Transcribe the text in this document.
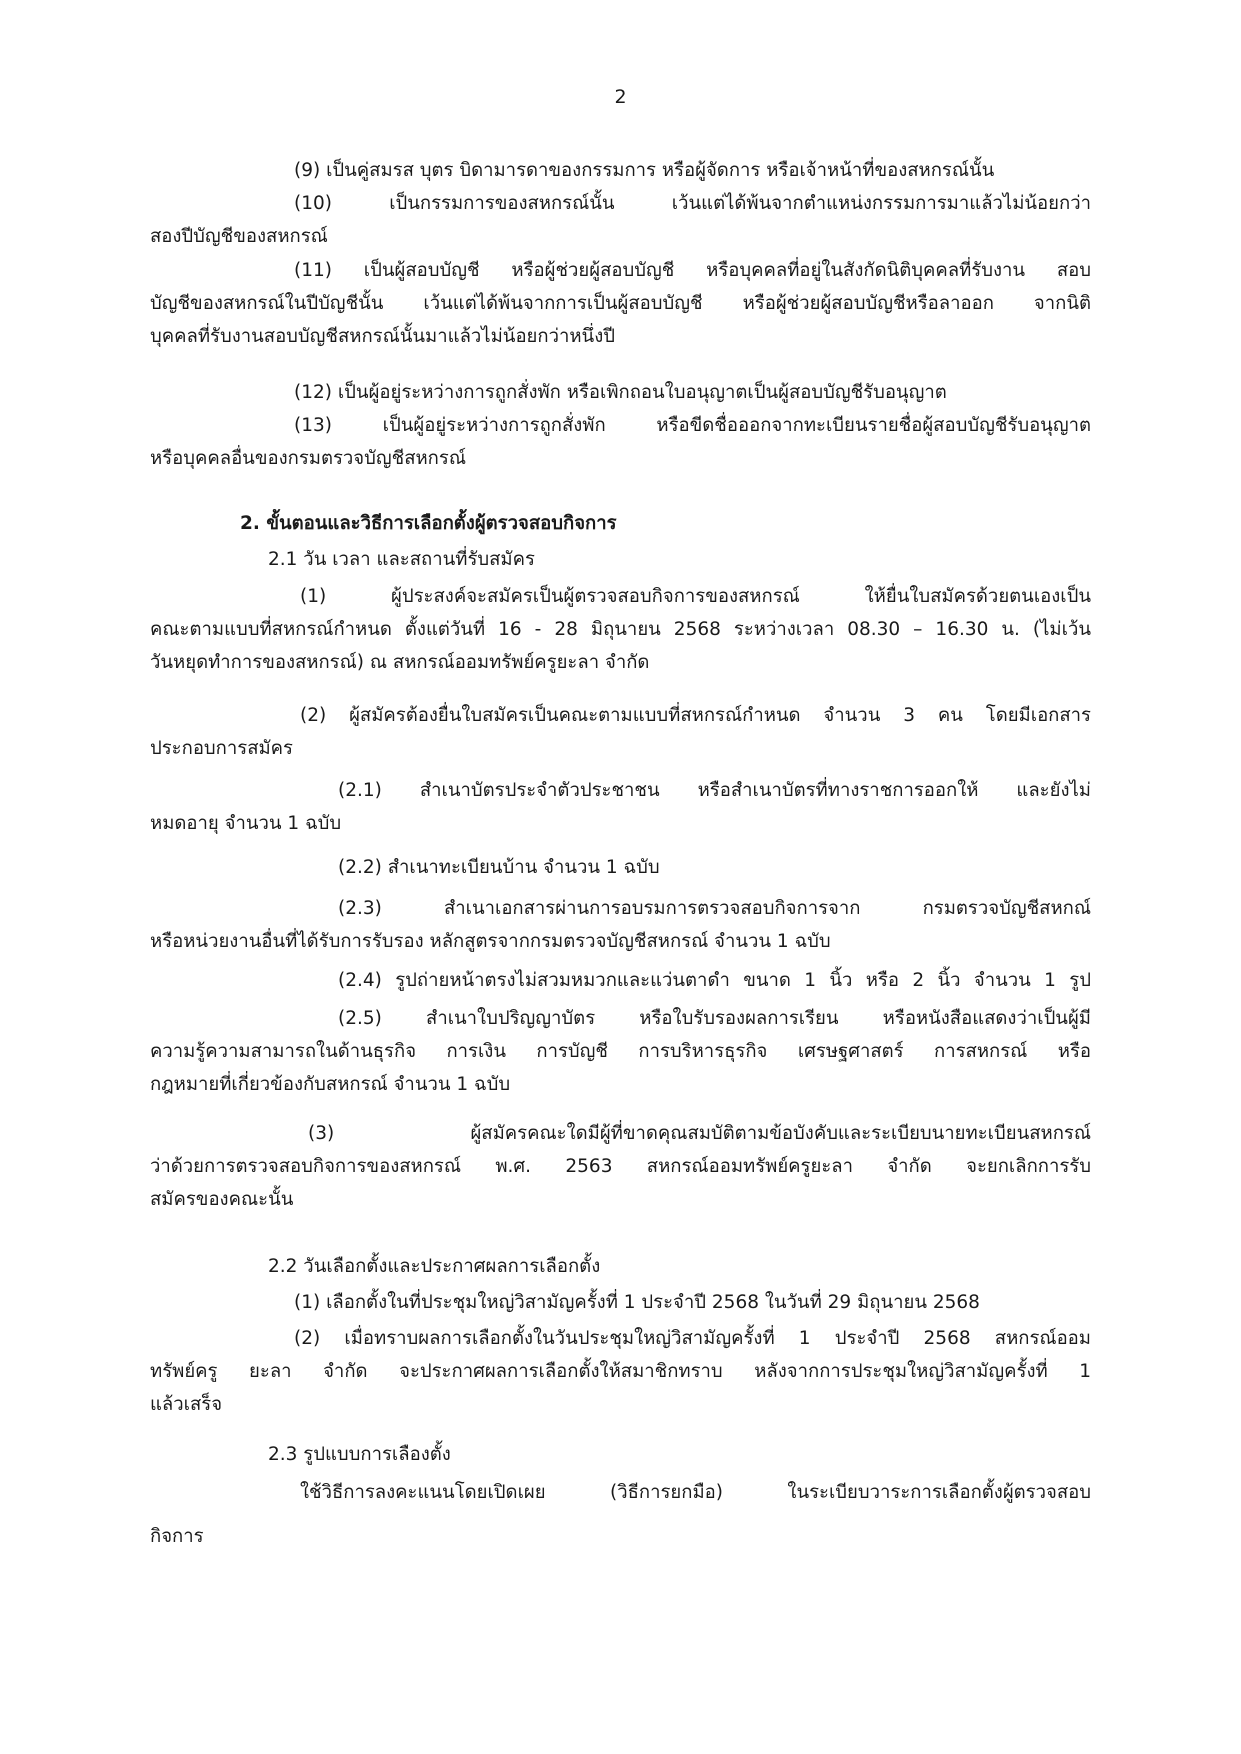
2
(9) เป็นคู่สมรส บุตร บิดามารดาของกรรมการ หรือผู้จัดการ หรือเจ้าหน้าที่ของสหกรณ์นั้น
(10) เป็นกรรมการของสหกรณ์นั้น เว้นแต่ได้พ้นจากตำแหน่งกรรมการมาแล้วไม่น้อยกว่า
สองปีบัญชีของสหกรณ์
(11) เป็นผู้สอบบัญชี หรือผู้ช่วยผู้สอบบัญชี หรือบุคคลที่อยู่ในสังกัดนิติบุคคลที่รับงาน สอบ
บัญชีของสหกรณ์ในปีบัญชีนั้น เว้นแต่ได้พ้นจากการเป็นผู้สอบบัญชี หรือผู้ช่วยผู้สอบบัญชีหรือลาออก จากนิติ
บุคคลที่รับงานสอบบัญชีสหกรณ์นั้นมาแล้วไม่น้อยกว่าหนึ่งปี
(12) เป็นผู้อยู่ระหว่างการถูกสั่งพัก หรือเพิกถอนใบอนุญาตเป็นผู้สอบบัญชีรับอนุญาต
(13) เป็นผู้อยู่ระหว่างการถูกสั่งพัก หรือขีดชื่อออกจากทะเบียนรายชื่อผู้สอบบัญชีรับอนุญาต
หรือบุคคลอื่นของกรมตรวจบัญชีสหกรณ์
2. ขั้นตอนและวิธีการเลือกตั้งผู้ตรวจสอบกิจการ
2.1 วัน เวลา และสถานที่รับสมัคร
(1) ผู้ประสงค์จะสมัครเป็นผู้ตรวจสอบกิจการของสหกรณ์ ให้ยื่นใบสมัครด้วยตนเองเป็น
คณะตามแบบที่สหกรณ์กำหนด ตั้งแต่วันที่ 16 - 28 มิถุนายน 2568 ระหว่างเวลา 08.30 – 16.30 น. (ไม่เว้น
วันหยุดทำการของสหกรณ์) ณ สหกรณ์ออมทรัพย์ครูยะลา จำกัด
(2) ผู้สมัครต้องยื่นใบสมัครเป็นคณะตามแบบที่สหกรณ์กำหนด จำนวน 3 คน โดยมีเอกสาร
ประกอบการสมัคร
(2.1) สำเนาบัตรประจำตัวประชาชน หรือสำเนาบัตรที่ทางราชการออกให้ และยังไม่
หมดอายุ จำนวน 1 ฉบับ
(2.2) สำเนาทะเบียนบ้าน จำนวน 1 ฉบับ
(2.3) สำเนาเอกสารผ่านการอบรมการตรวจสอบกิจการจาก กรมตรวจบัญชีสหกณ์
หรือหน่วยงานอื่นที่ได้รับการรับรอง หลักสูตรจากกรมตรวจบัญชีสหกรณ์ จำนวน 1 ฉบับ
(2.4) รูปถ่ายหน้าตรงไม่สวมหมวกและแว่นตาดำ ขนาด 1 นิ้ว หรือ 2 นิ้ว จำนวน 1 รูป
(2.5) สำเนาใบปริญญาบัตร หรือใบรับรองผลการเรียน หรือหนังสือแสดงว่าเป็นผู้มี
ความรู้ความสามารถในด้านธุรกิจ การเงิน การบัญชี การบริหารธุรกิจ เศรษฐศาสตร์ การสหกรณ์ หรือ
กฎหมายที่เกี่ยวข้องกับสหกรณ์ จำนวน 1 ฉบับ
(3) ผู้สมัครคณะใดมีผู้ที่ขาดคุณสมบัติตามข้อบังคับและระเบียบนายทะเบียนสหกรณ์
ว่าด้วยการตรวจสอบกิจการของสหกรณ์ พ.ศ. 2563 สหกรณ์ออมทรัพย์ครูยะลา จำกัด จะยกเลิกการรับ
สมัครของคณะนั้น
2.2 วันเลือกตั้งและประกาศผลการเลือกตั้ง
(1) เลือกตั้งในที่ประชุมใหญ่วิสามัญครั้งที่ 1 ประจำปี 2568 ในวันที่ 29 มิถุนายน 2568
(2) เมื่อทราบผลการเลือกตั้งในวันประชุมใหญ่วิสามัญครั้งที่ 1 ประจำปี 2568 สหกรณ์ออม
ทรัพย์ครู ยะลา จำกัด จะประกาศผลการเลือกตั้งให้สมาชิกทราบ หลังจากการประชุมใหญ่วิสามัญครั้งที่ 1
แล้วเสร็จ
2.3 รูปแบบการเลืองตั้ง
ใช้วิธีการลงคะแนนโดยเปิดเผย (วิธีการยกมือ) ในระเบียบวาระการเลือกตั้งผู้ตรวจสอบ
กิจการ
